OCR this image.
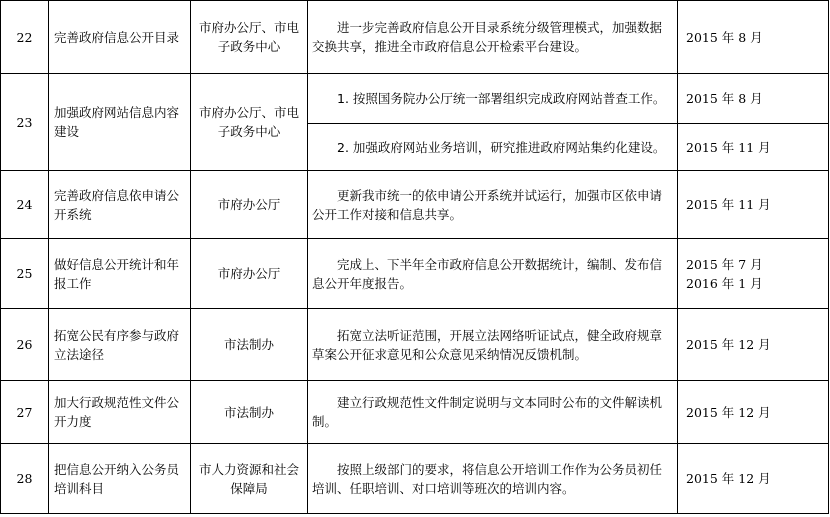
22	完善政府信息公开目录	市府办公厅、市电子政务中心	进一步完善政府信息公开目录系统分级管理模式，加强数据交换共享，推进全市政府信息公开检索平台建设。	2015 年 8 月

23	加强政府网站信息内容建设	市府办公厅、市电子政务中心	1. 按照国务院办公厅统一部署组织完成政府网站普查工作。	2015 年 8 月

			2. 加强政府网站业务培训，研究推进政府网站集约化建设。	2015 年 11 月

24	完善政府信息依申请公开系统	市府办公厅	更新我市统一的依申请公开系统并试运行，加强市区依申请公开工作对接和信息共享。	2015 年 11 月

25	做好信息公开统计和年报工作	市府办公厅	完成上、下半年全市政府信息公开数据统计，编制、发布信息公开年度报告。	2015 年 7 月
2016 年 1 月

26	拓宽公民有序参与政府立法途径	市法制办	拓宽立法听证范围，开展立法网络听证试点，健全政府规章草案公开征求意见和公众意见采纳情况反馈机制。	2015 年 12 月

27	加大行政规范性文件公开力度	市法制办	建立行政规范性文件制定说明与文本同时公布的文件解读机制。	2015 年 12 月

28	把信息公开纳入公务员培训科目	市人力资源和社会保障局	按照上级部门的要求，将信息公开培训工作作为公务员初任培训、任职培训、对口培训等班次的培训内容。	2015 年 12 月
